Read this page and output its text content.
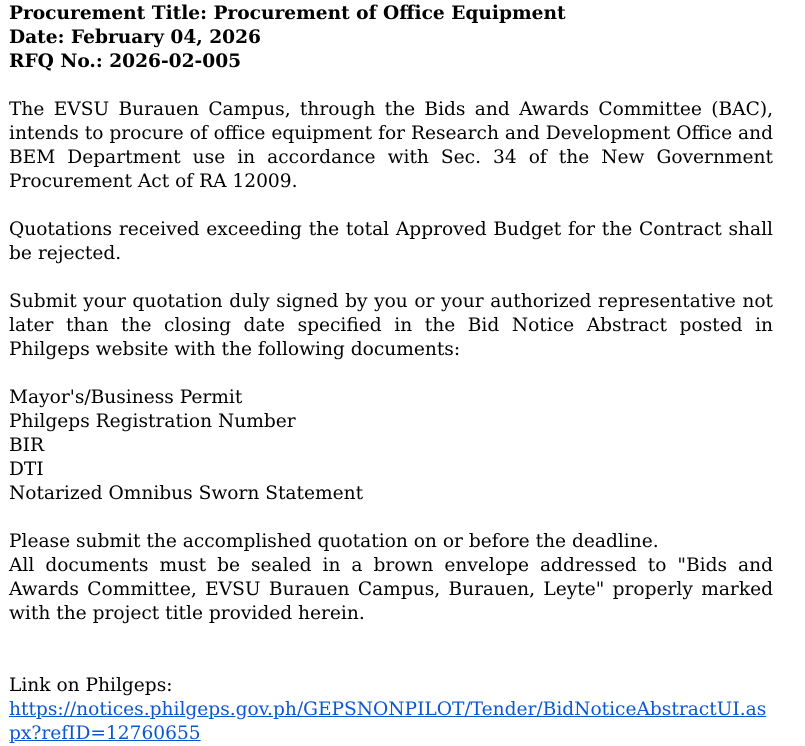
Procurement Title: Procurement of Office Equipment
Date: February 04, 2026
RFQ No.: 2026-02-005
The EVSU Burauen Campus, through the Bids and Awards Committee (BAC), intends to procure of office equipment for Research and Development Office and BEM Department use in accordance with Sec. 34 of the New Government Procurement Act of RA 12009.
Quotations received exceeding the total Approved Budget for the Contract shall be rejected.
Submit your quotation duly signed by you or your authorized representative not later than the closing date specified in the Bid Notice Abstract posted in Philgeps website with the following documents:
Mayor's/Business Permit
Philgeps Registration Number
BIR
DTI
Notarized Omnibus Sworn Statement
Please submit the accomplished quotation on or before the deadline.
All documents must be sealed in a brown envelope addressed to "Bids and Awards Committee, EVSU Burauen Campus, Burauen, Leyte" properly marked with the project title provided herein.
Link on Philgeps:
https://notices.philgeps.gov.ph/GEPSNONPILOT/Tender/BidNoticeAbstractUI.aspx?refID=12760655
